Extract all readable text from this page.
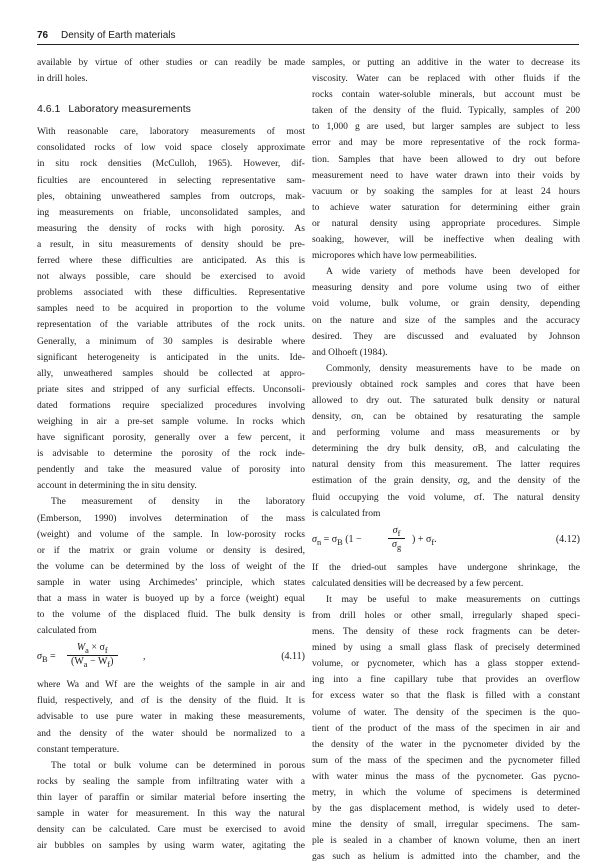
76 Density of Earth materials
available by virtue of other studies or can readily be made
in drill holes.
4.6.1 Laboratory measurements
With reasonable care, laboratory measurements of most
consolidated rocks of low void space closely approximate
in situ rock densities (McCulloh, 1965). However, dif-
ficulties are encountered in selecting representative sam-
ples, obtaining unweathered samples from outcrops, mak-
ing measurements on friable, unconsolidated samples, and
measuring the density of rocks with high porosity. As
a result, in situ measurements of density should be pre-
ferred where these difficulties are anticipated. As this is
not always possible, care should be exercised to avoid
problems associated with these difficulties. Representative
samples need to be acquired in proportion to the volume
representation of the variable attributes of the rock units.
Generally, a minimum of 30 samples is desirable where
significant heterogeneity is anticipated in the units. Ide-
ally, unweathered samples should be collected at appro-
priate sites and stripped of any surficial effects. Unconsoli-
dated formations require specialized procedures involving
weighing in air a pre-set sample volume. In rocks which
have significant porosity, generally over a few percent, it
is advisable to determine the porosity of the rock inde-
pendently and take the measured value of porosity into
account in determining the in situ density.
The measurement of density in the laboratory
(Emberson, 1990) involves determination of the mass
(weight) and volume of the sample. In low-porosity rocks
or if the matrix or grain volume or density is desired,
the volume can be determined by the loss of weight of the
sample in water using Archimedes’ principle, which states
that a mass in water is buoyed up by a force (weight) equal
to the volume of the displaced fluid. The bulk density is
calculated from
$\sigma_B = \frac{W_a \times \sigma_f}{(W_a - W_f)}$	,	(4.11)
where Wa and Wf are the weights of the sample in air and
fluid, respectively, and σf is the density of the fluid. It is
advisable to use pure water in making these measurements,
and the density of the water should be normalized to a
constant temperature.
The total or bulk volume can be determined in porous
rocks by sealing the sample from infiltrating water with a
thin layer of paraffin or similar material before inserting the
sample in water for measurement. In this way the natural
density can be calculated. Care must be exercised to avoid
air bubbles on samples by using warm water, agitating the
samples, or putting an additive in the water to decrease its
viscosity. Water can be replaced with other fluids if the
rocks contain water-soluble minerals, but account must be
taken of the density of the fluid. Typically, samples of 200
to 1,000 g are used, but larger samples are subject to less
error and may be more representative of the rock forma-
tion. Samples that have been allowed to dry out before
measurement need to have water drawn into their voids by
vacuum or by soaking the samples for at least 24 hours
to achieve water saturation for determining either grain
or natural density using appropriate procedures. Simple
soaking, however, will be ineffective when dealing with
micropores which have low permeabilities.
A wide variety of methods have been developed for
measuring density and pore volume using two of either
void volume, bulk volume, or grain density, depending
on the nature and size of the samples and the accuracy
desired. They are discussed and evaluated by Johnson
and Olhoeft (1984).
Commonly, density measurements have to be made on
previously obtained rock samples and cores that have been
allowed to dry out. The saturated bulk density or natural
density, σn, can be obtained by resaturating the sample
and performing volume and mass measurements or by
determining the dry bulk density, σB, and calculating the
natural density from this measurement. The latter requires
estimation of the grain density, σg, and the density of the
fluid occupying the void volume, σf. The natural density
is calculated from
$\sigma_n = \sigma_B$ (1 −	$\frac{\sigma_f}{\sigma_g}$ ) + $\sigma_f$.	(4.12)
If the dried-out samples have undergone shrinkage, the
calculated densities will be decreased by a few percent.
It may be useful to make measurements on cuttings
from drill holes or other small, irregularly shaped speci-
mens. The density of these rock fragments can be deter-
mined by using a small glass flask of precisely determined
volume, or pycnometer, which has a glass stopper extend-
ing into a fine capillary tube that provides an overflow
for excess water so that the flask is filled with a constant
volume of water. The density of the specimen is the quo-
tient of the product of the mass of the specimen in air and
the density of the water in the pycnometer divided by the
sum of the mass of the specimen and the pycnometer filled
with water minus the mass of the pycnometer. Gas pycno-
metry, in which the volume of specimens is determined
by the gas displacement method, is widely used to deter-
mine the density of small, irregular specimens. The sam-
ple is sealed in a chamber of known volume, then an inert
gas such as helium is admitted into the chamber, and the
